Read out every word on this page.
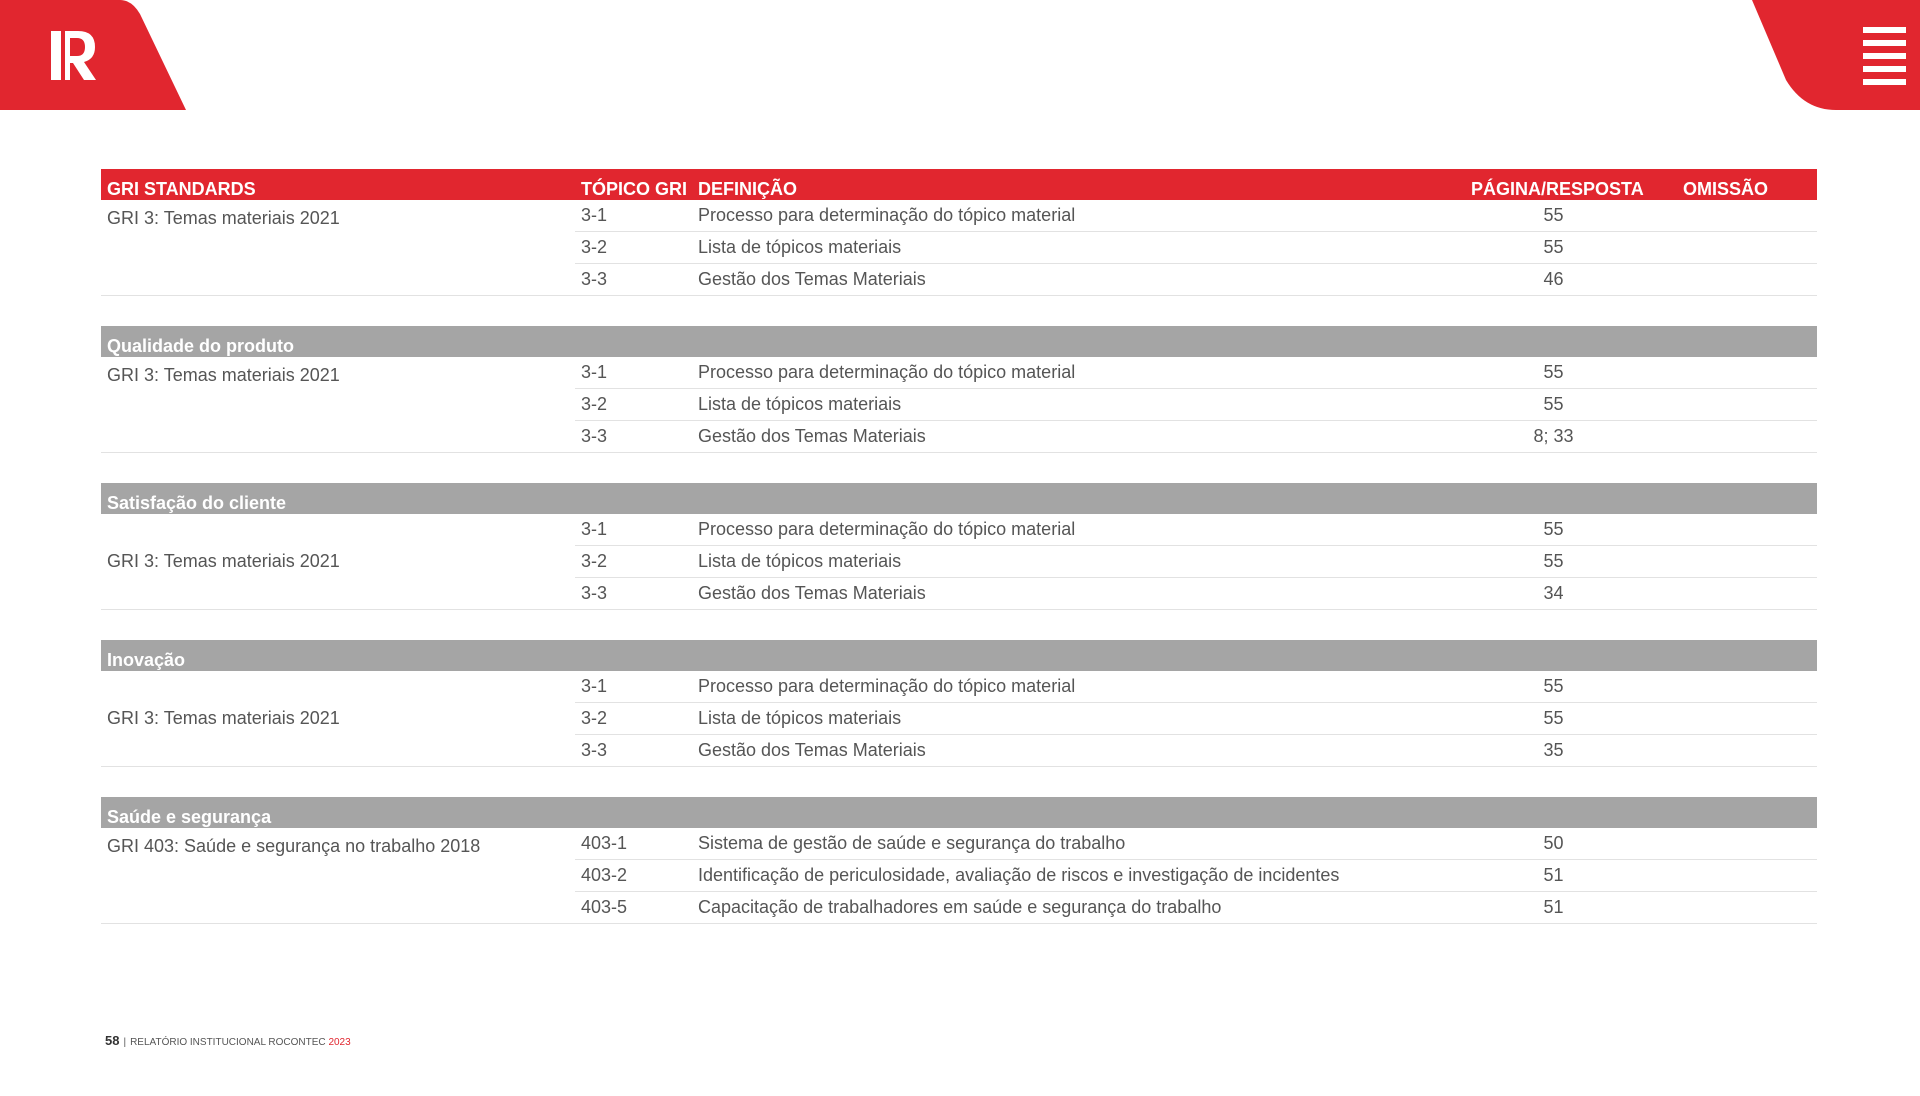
GRI STANDARDS	TÓPICO GRI	DEFINIÇÃO	PÁGINA/RESPOSTA	OMISSÃO
GRI 3: Temas materiais 2021	3-1	Processo para determinação do tópico material	55	
	3-2	Lista de tópicos materiais	55	
	3-3	Gestão dos Temas Materiais	46	

Qualidade do produto				
GRI 3: Temas materiais 2021	3-1	Processo para determinação do tópico material	55	
	3-2	Lista de tópicos materiais	55	
	3-3	Gestão dos Temas Materiais	8; 33	

Satisfação do cliente				
GRI 3: Temas materiais 2021	3-1	Processo para determinação do tópico material	55	
	3-2	Lista de tópicos materiais	55	
	3-3	Gestão dos Temas Materiais	34	

Inovação				
GRI 3: Temas materiais 2021	3-1	Processo para determinação do tópico material	55	
	3-2	Lista de tópicos materiais	55	
	3-3	Gestão dos Temas Materiais	35	

Saúde e segurança				
GRI 403: Saúde e segurança no trabalho 2018	403-1	Sistema de gestão de saúde e segurança do trabalho	50	
	403-2	Identificação de periculosidade, avaliação de riscos e investigação de incidentes	51	
	403-5	Capacitação de trabalhadores em saúde e segurança do trabalho	51	
58 | RELATÓRIO INSTITUCIONAL ROCONTEC 2023
